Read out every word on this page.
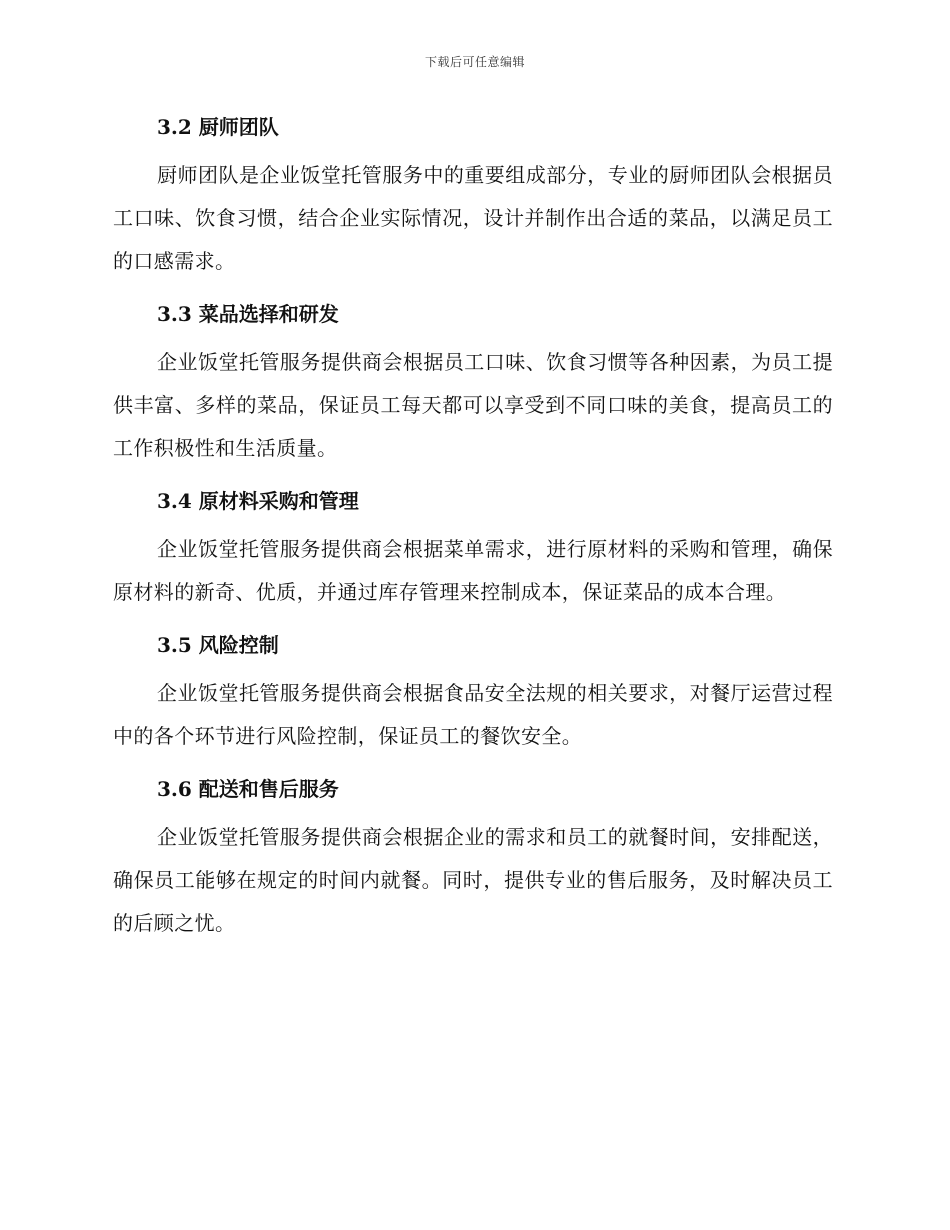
下载后可任意编辑
3.2 厨师团队

厨师团队是企业饭堂托管服务中的重要组成部分，专业的厨师团队会根据员工口味、饮食习惯，结合企业实际情况，设计并制作出合适的菜品，以满足员工的口感需求。

3.3 菜品选择和研发

企业饭堂托管服务提供商会根据员工口味、饮食习惯等各种因素，为员工提供丰富、多样的菜品，保证员工每天都可以享受到不同口味的美食，提高员工的工作积极性和生活质量。

3.4 原材料采购和管理

企业饭堂托管服务提供商会根据菜单需求，进行原材料的采购和管理，确保原材料的新奇、优质，并通过库存管理来控制成本，保证菜品的成本合理。

3.5 风险控制

企业饭堂托管服务提供商会根据食品安全法规的相关要求，对餐厅运营过程中的各个环节进行风险控制，保证员工的餐饮安全。

3.6 配送和售后服务

企业饭堂托管服务提供商会根据企业的需求和员工的就餐时间，安排配送，确保员工能够在规定的时间内就餐。同时，提供专业的售后服务，及时解决员工的后顾之忧。
